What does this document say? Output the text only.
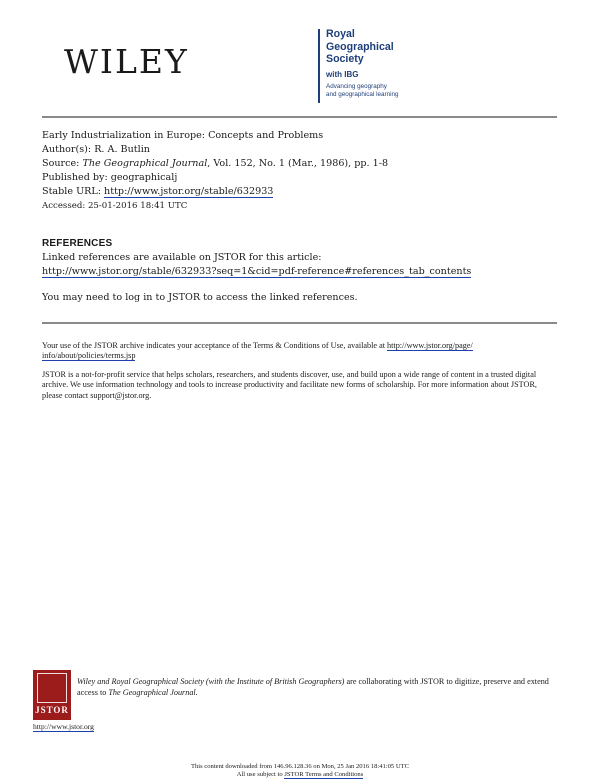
WILEY
Royal
Geographical
Society
with IBG
Advancing geography
and geographical learning
Early Industrialization in Europe: Concepts and Problems
Author(s): R. A. Butlin
Source: The Geographical Journal, Vol. 152, No. 1 (Mar., 1986), pp. 1-8
Published by: geographicalj
Stable URL: http://www.jstor.org/stable/632933
Accessed: 25-01-2016 18:41 UTC
REFERENCES
Linked references are available on JSTOR for this article:
http://www.jstor.org/stable/632933?seq=1&cid=pdf-reference#references_tab_contents
You may need to log in to JSTOR to access the linked references.

Your use of the JSTOR archive indicates your acceptance of the Terms & Conditions of Use, available at http://www.jstor.org/page/
info/about/policies/terms.jsp

JSTOR is a not-for-profit service that helps scholars, researchers, and students discover, use, and build upon a wide range of content in a trusted digital archive. We use information technology and tools to increase productivity and facilitate new forms of scholarship. For more information about JSTOR, please contact support@jstor.org.

JSTOR
Wiley and Royal Geographical Society (with the Institute of British Geographers) are collaborating with JSTOR to digitize, preserve and extend access to The Geographical Journal.
http://www.jstor.org
This content downloaded from 146.96.128.36 on Mon, 25 Jan 2016 18:41:05 UTC
All use subject to JSTOR Terms and Conditions
